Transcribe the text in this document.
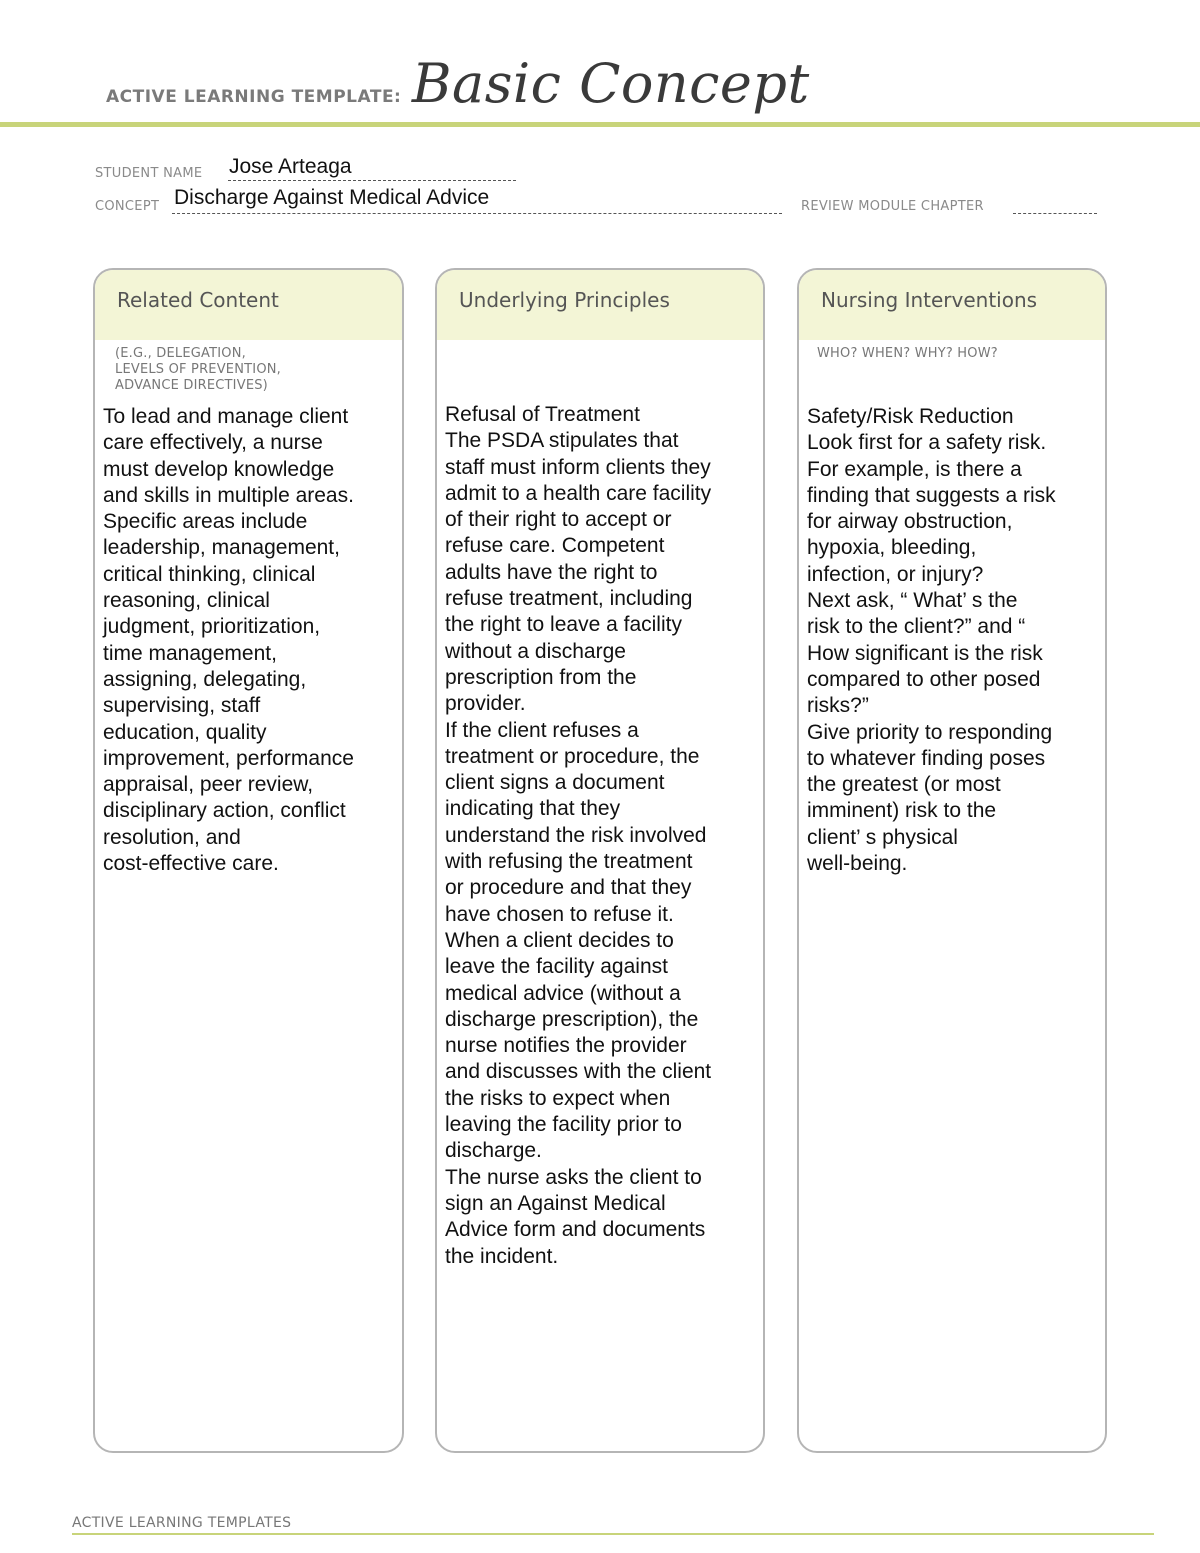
ACTIVE LEARNING TEMPLATE: Basic Concept
STUDENT NAME Jose Arteaga
CONCEPT Discharge Against Medical Advice	REVIEW MODULE CHAPTER
Related Content
(E.G., DELEGATION,
LEVELS OF PREVENTION,
ADVANCE DIRECTIVES)
To lead and manage client
care effectively, a nurse
must develop knowledge
and skills in multiple areas.
Specific areas include
leadership, management,
critical thinking, clinical
reasoning, clinical
judgment, prioritization,
time management,
assigning, delegating,
supervising, staff
education, quality
improvement, performance
appraisal, peer review,
disciplinary action, conflict
resolution, and
cost-effective care.
Underlying Principles
Refusal of Treatment
The PSDA stipulates that
staff must inform clients they
admit to a health care facility
of their right to accept or
refuse care. Competent
adults have the right to
refuse treatment, including
the right to leave a facility
without a discharge
prescription from the
provider.
If the client refuses a
treatment or procedure, the
client signs a document
indicating that they
understand the risk involved
with refusing the treatment
or procedure and that they
have chosen to refuse it.
When a client decides to
leave the facility against
medical advice (without a
discharge prescription), the
nurse notifies the provider
and discusses with the client
the risks to expect when
leaving the facility prior to
discharge.
The nurse asks the client to
sign an Against Medical
Advice form and documents
the incident.
Nursing Interventions
WHO? WHEN? WHY? HOW?
Safety/Risk Reduction
Look first for a safety risk.
For example, is there a
finding that suggests a risk
for airway obstruction,
hypoxia, bleeding,
infection, or injury?
Next ask, “ What’ s the
risk to the client?” and “
How significant is the risk
compared to other posed
risks?”
Give priority to responding
to whatever finding poses
the greatest (or most
imminent) risk to the
client’ s physical
well-being.
ACTIVE LEARNING TEMPLATES
